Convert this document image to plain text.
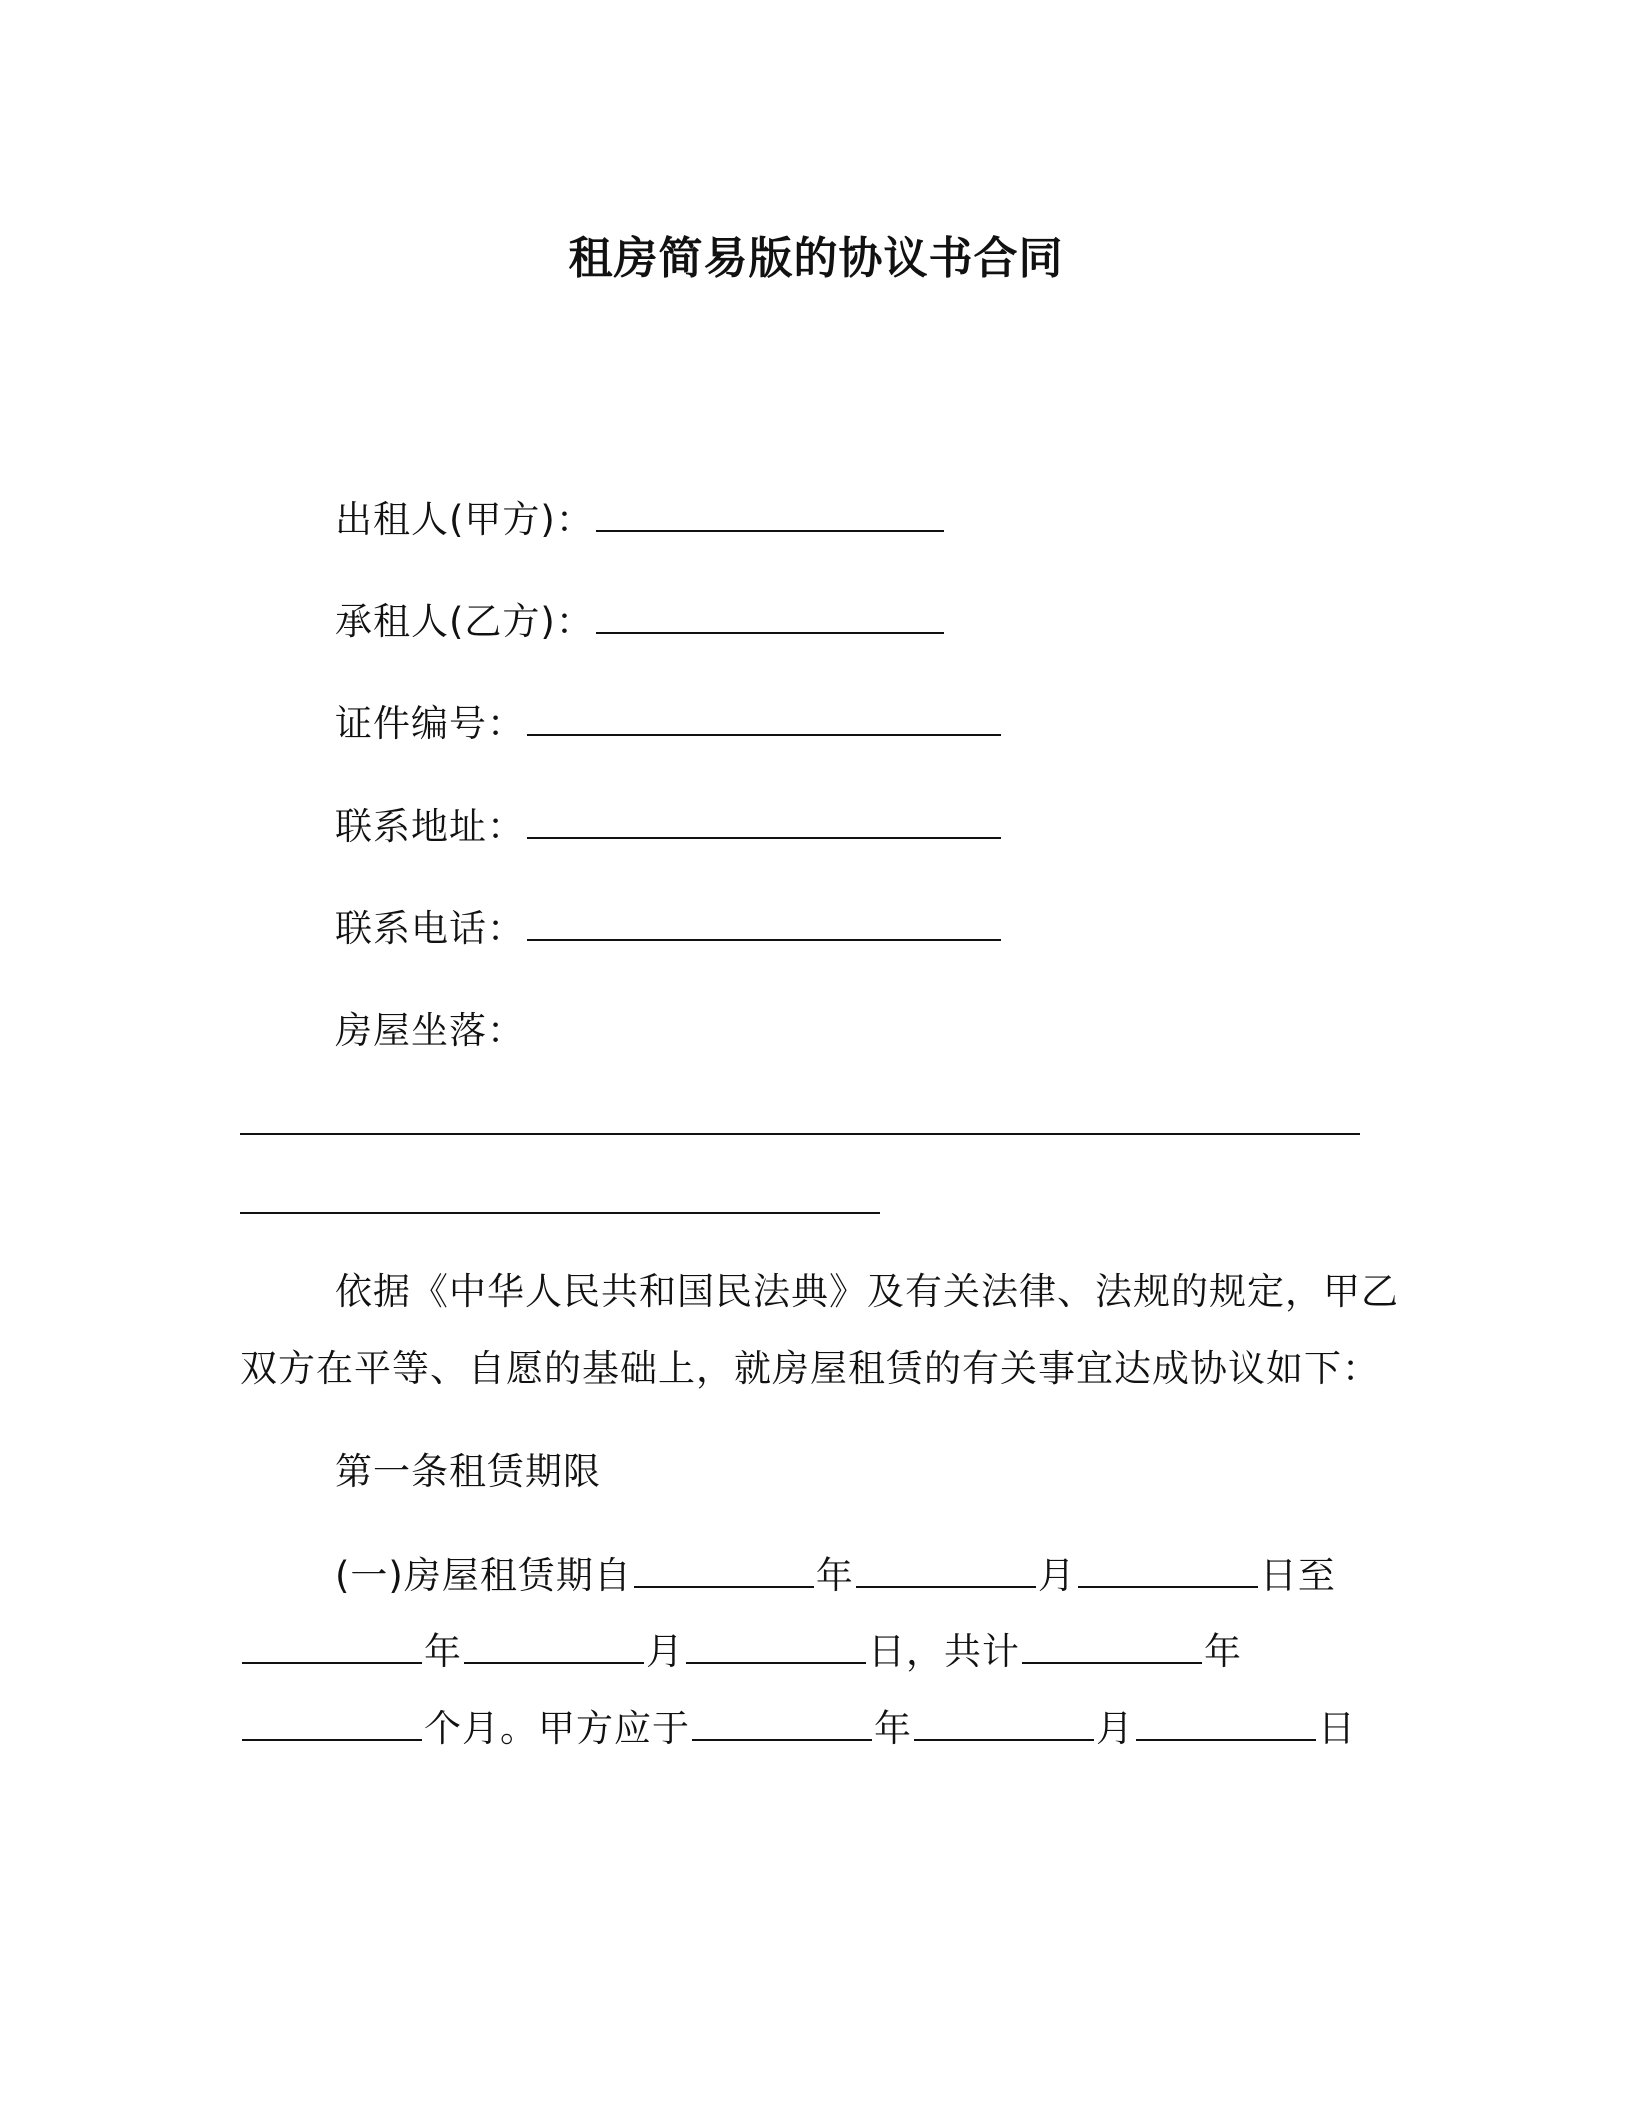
租房简易版的协议书合同
出租人(甲方)：
承租人(乙方)：
证件编号：
联系地址：
联系电话：
房屋坐落：
依据《中华人民共和国民法典》及有关法律、法规的规定，甲乙
双方在平等、自愿的基础上，就房屋租赁的有关事宜达成协议如下：
第一条租赁期限
(一)房屋租赁期自	年	月	日至
年	月	日，共计	年
个月。甲方应于	年	月	日
